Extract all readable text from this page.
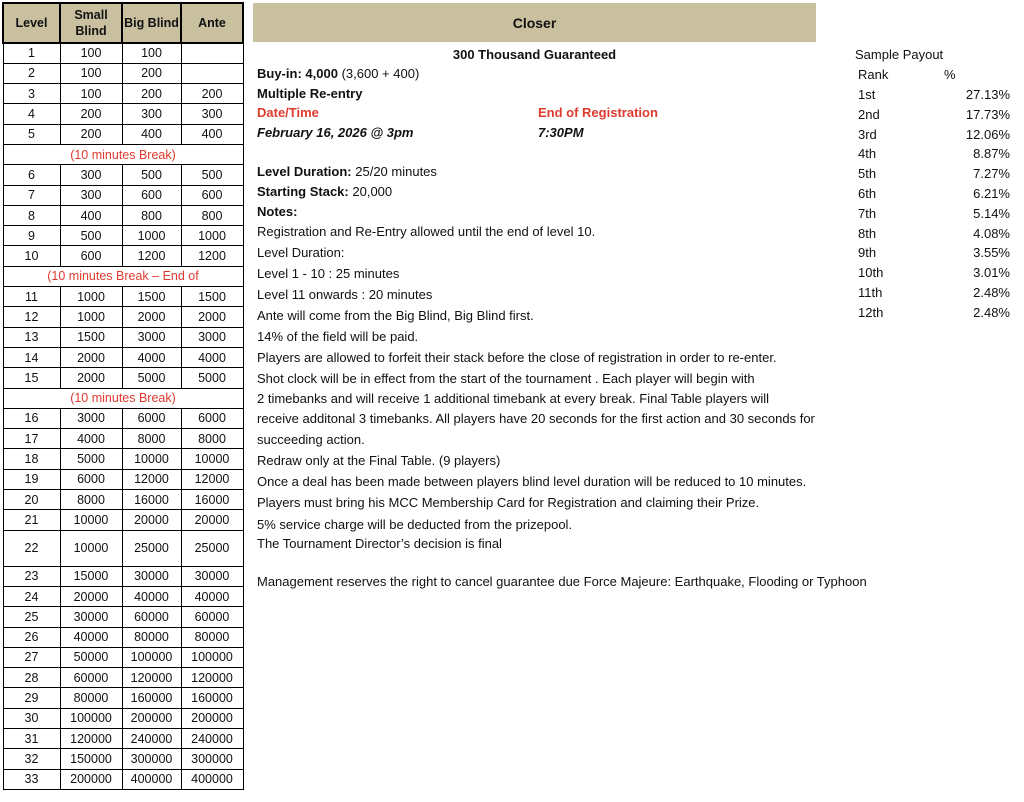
Level	Small Blind	Big Blind	Ante
1	100	100	
2	100	200	
3	100	200	200
4	200	300	300
5	200	400	400
(10 minutes Break)			
6	300	500	500
7	300	600	600
8	400	800	800
9	500	1000	1000
10	600	1200	1200
(10 minutes Break – End of			
11	1000	1500	1500
12	1000	2000	2000
13	1500	3000	3000
14	2000	4000	4000
15	2000	5000	5000
(10 minutes Break)			
16	3000	6000	6000
17	4000	8000	8000
18	5000	10000	10000
19	6000	12000	12000
20	8000	16000	16000
21	10000	20000	20000
22	10000	25000	25000
23	15000	30000	30000
24	20000	40000	40000
25	30000	60000	60000
26	40000	80000	80000
27	50000	100000	100000
28	60000	120000	120000
29	80000	160000	160000
30	100000	200000	200000
31	120000	240000	240000
32	150000	300000	300000
33	200000	400000	400000
Closer
300 Thousand Guaranteed
Buy-in: 4,000 (3,600 + 400)
Multiple Re-entry
Date/Time	End of Registration
February 16, 2026 @ 3pm	7:30PM
Level Duration: 25/20 minutes
Starting Stack: 20,000
Notes:
Registration and Re-Entry allowed until the end of level 10.
Level Duration:
Level 1 - 10 : 25 minutes
Level 11 onwards : 20 minutes
Ante will come from the Big Blind, Big Blind first.
14% of the field will be paid.
Players are allowed to forfeit their stack before the close of registration in order to re-enter.
Shot clock will be in effect from the start of the tournament . Each player will begin with
2 timebanks and will receive 1 additional timebank at every break. Final Table players will
receive additonal 3 timebanks. All players have 20 seconds for the first action and 30 seconds for
succeeding action.
Redraw only at the Final Table. (9 players)
Once a deal has been made between players blind level duration will be reduced to 10 minutes.
Players must bring his MCC Membership Card for Registration and claiming their Prize.
5% service charge will be deducted from the prizepool.
The Tournament Director’s decision is final
Management reserves the right to cancel guarantee due Force Majeure: Earthquake, Flooding or Typhoon
Sample Payout
Rank	%
1st	27.13%
2nd	17.73%
3rd	12.06%
4th	8.87%
5th	7.27%
6th	6.21%
7th	5.14%
8th	4.08%
9th	3.55%
10th	3.01%
11th	2.48%
12th	2.48%
